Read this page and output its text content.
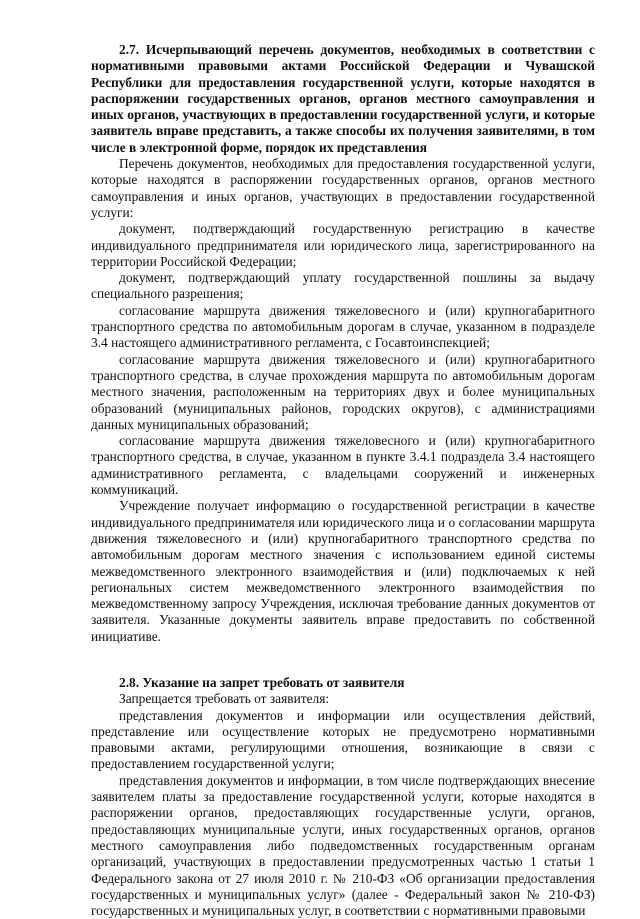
2.7. Исчерпывающий перечень документов, необходимых в соответствии с нормативными правовыми актами Российской Федерации и Чувашской Республики для предоставления государственной услуги, которые находятся в распоряжении государственных органов, органов местного самоуправления и иных органов, участвующих в предоставлении государственной услуги, и которые заявитель вправе представить, а также способы их получения заявителями, в том числе в электронной форме, порядок их представления

Перечень документов, необходимых для предоставления государственной услуги, которые находятся в распоряжении государственных органов, органов местного самоуправления и иных органов, участвующих в предоставлении государственной услуги:

документ, подтверждающий государственную регистрацию в качестве индивидуального предпринимателя или юридического лица, зарегистрированного на территории Российской Федерации;

документ, подтверждающий уплату государственной пошлины за выдачу специального разрешения;

согласование маршрута движения тяжеловесного и (или) крупногабаритного транспортного средства по автомобильным дорогам в случае, указанном в подразделе 3.4 настоящего административного регламента, с Госавтоинспекцией;

согласование маршрута движения тяжеловесного и (или) крупногабаритного транспортного средства, в случае прохождения маршрута по автомобильным дорогам местного значения, расположенным на территориях двух и более муниципальных образований (муниципальных районов, городских округов), с администрациями данных муниципальных образований;

согласование маршрута движения тяжеловесного и (или) крупногабаритного транспортного средства, в случае, указанном в пункте 3.4.1 подраздела 3.4 настоящего административного регламента, с владельцами сооружений и инженерных коммуникаций.

Учреждение получает информацию о государственной регистрации в качестве индивидуального предпринимателя или юридического лица и о согласовании маршрута движения тяжеловесного и (или) крупногабаритного транспортного средства по автомобильным дорогам местного значения с использованием единой системы межведомственного электронного взаимодействия и (или) подключаемых к ней региональных систем межведомственного электронного взаимодействия по межведомственному запросу Учреждения, исключая требование данных документов от заявителя. Указанные документы заявитель вправе предоставить по собственной инициативе.

2.8. Указание на запрет требовать от заявителя

Запрещается требовать от заявителя:

представления документов и информации или осуществления действий, представление или осуществление которых не предусмотрено нормативными правовыми актами, регулирующими отношения, возникающие в связи с предоставлением государственной услуги;

представления документов и информации, в том числе подтверждающих внесение заявителем платы за предоставление государственной услуги, которые находятся в распоряжении органов, предоставляющих государственные услуги, органов, предоставляющих муниципальные услуги, иных государственных органов, органов местного самоуправления либо подведомственных государственным органам организаций, участвующих в предоставлении предусмотренных частью 1 статьи 1 Федерального закона от 27 июля 2010 г. № 210-ФЗ «Об организации предоставления государственных и муниципальных услуг» (далее - Федеральный закон № 210-ФЗ) государственных и муниципальных услуг, в соответствии с нормативными правовыми
